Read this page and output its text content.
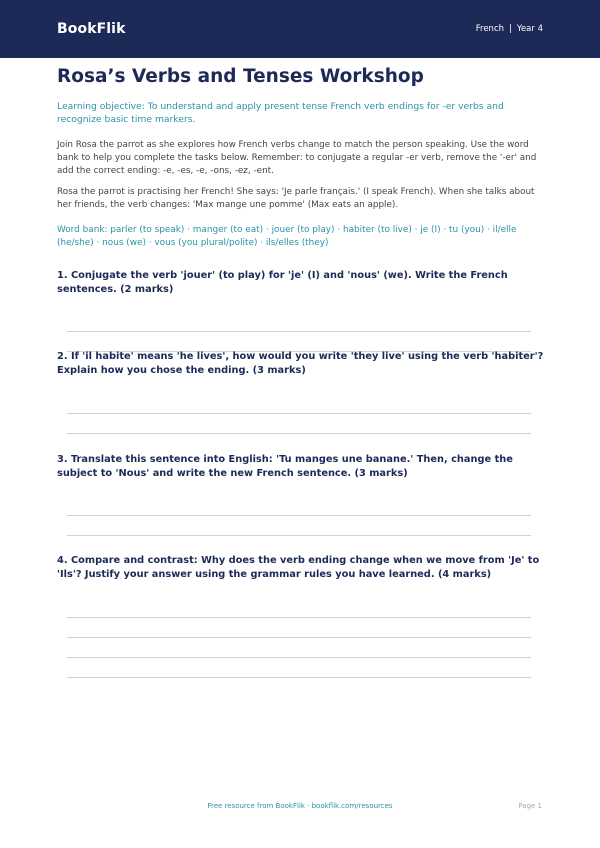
BookFlik	French | Year 4
Rosa’s Verbs and Tenses Workshop

Learning objective: To understand and apply present tense French verb endings for -er verbs and recognize basic time markers.

Join Rosa the parrot as she explores how French verbs change to match the person speaking. Use the word bank to help you complete the tasks below. Remember: to conjugate a regular -er verb, remove the '-er' and add the correct ending: -e, -es, -e, -ons, -ez, -ent.

Rosa the parrot is practising her French! She says: 'Je parle français.' (I speak French). When she talks about her friends, the verb changes: 'Max mange une pomme' (Max eats an apple).

Word bank: parler (to speak) · manger (to eat) · jouer (to play) · habiter (to live) · je (I) · tu (you) · il/elle (he/she) · nous (we) · vous (you plural/polite) · ils/elles (they)

1. Conjugate the verb 'jouer' (to play) for 'je' (I) and 'nous' (we). Write the French sentences. (2 marks)

2. If 'il habite' means 'he lives', how would you write 'they live' using the verb 'habiter'? Explain how you chose the ending. (3 marks)

3. Translate this sentence into English: 'Tu manges une banane.' Then, change the subject to 'Nous' and write the new French sentence. (3 marks)

4. Compare and contrast: Why does the verb ending change when we move from 'Je' to 'Ils'? Justify your answer using the grammar rules you have learned. (4 marks)

Free resource from BookFlik · bookflik.com/resources	Page 1
